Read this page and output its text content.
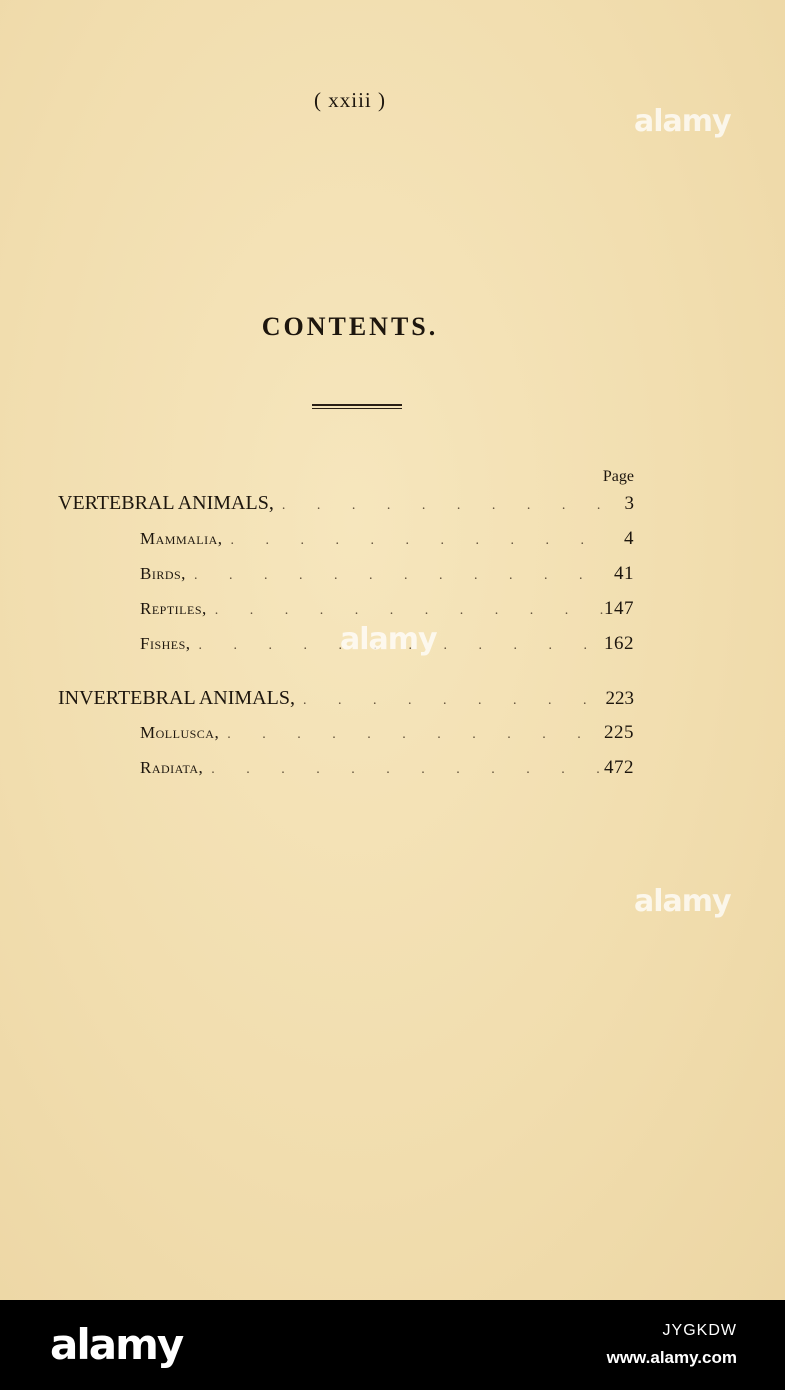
( xxiii )
CONTENTS.
Page
VERTEBRAL ANIMALS, . . .	3
Mammalia, . . .	4
Birds, . . .	41
Reptiles, . . .	147
Fishes, . . .	162
INVERTEBRAL ANIMALS, . . .	223
Mollusca, . . .	225
Radiata, . . .	472
alamy
alamy
alamy
alamy	JYGKDW
www.alamy.com
